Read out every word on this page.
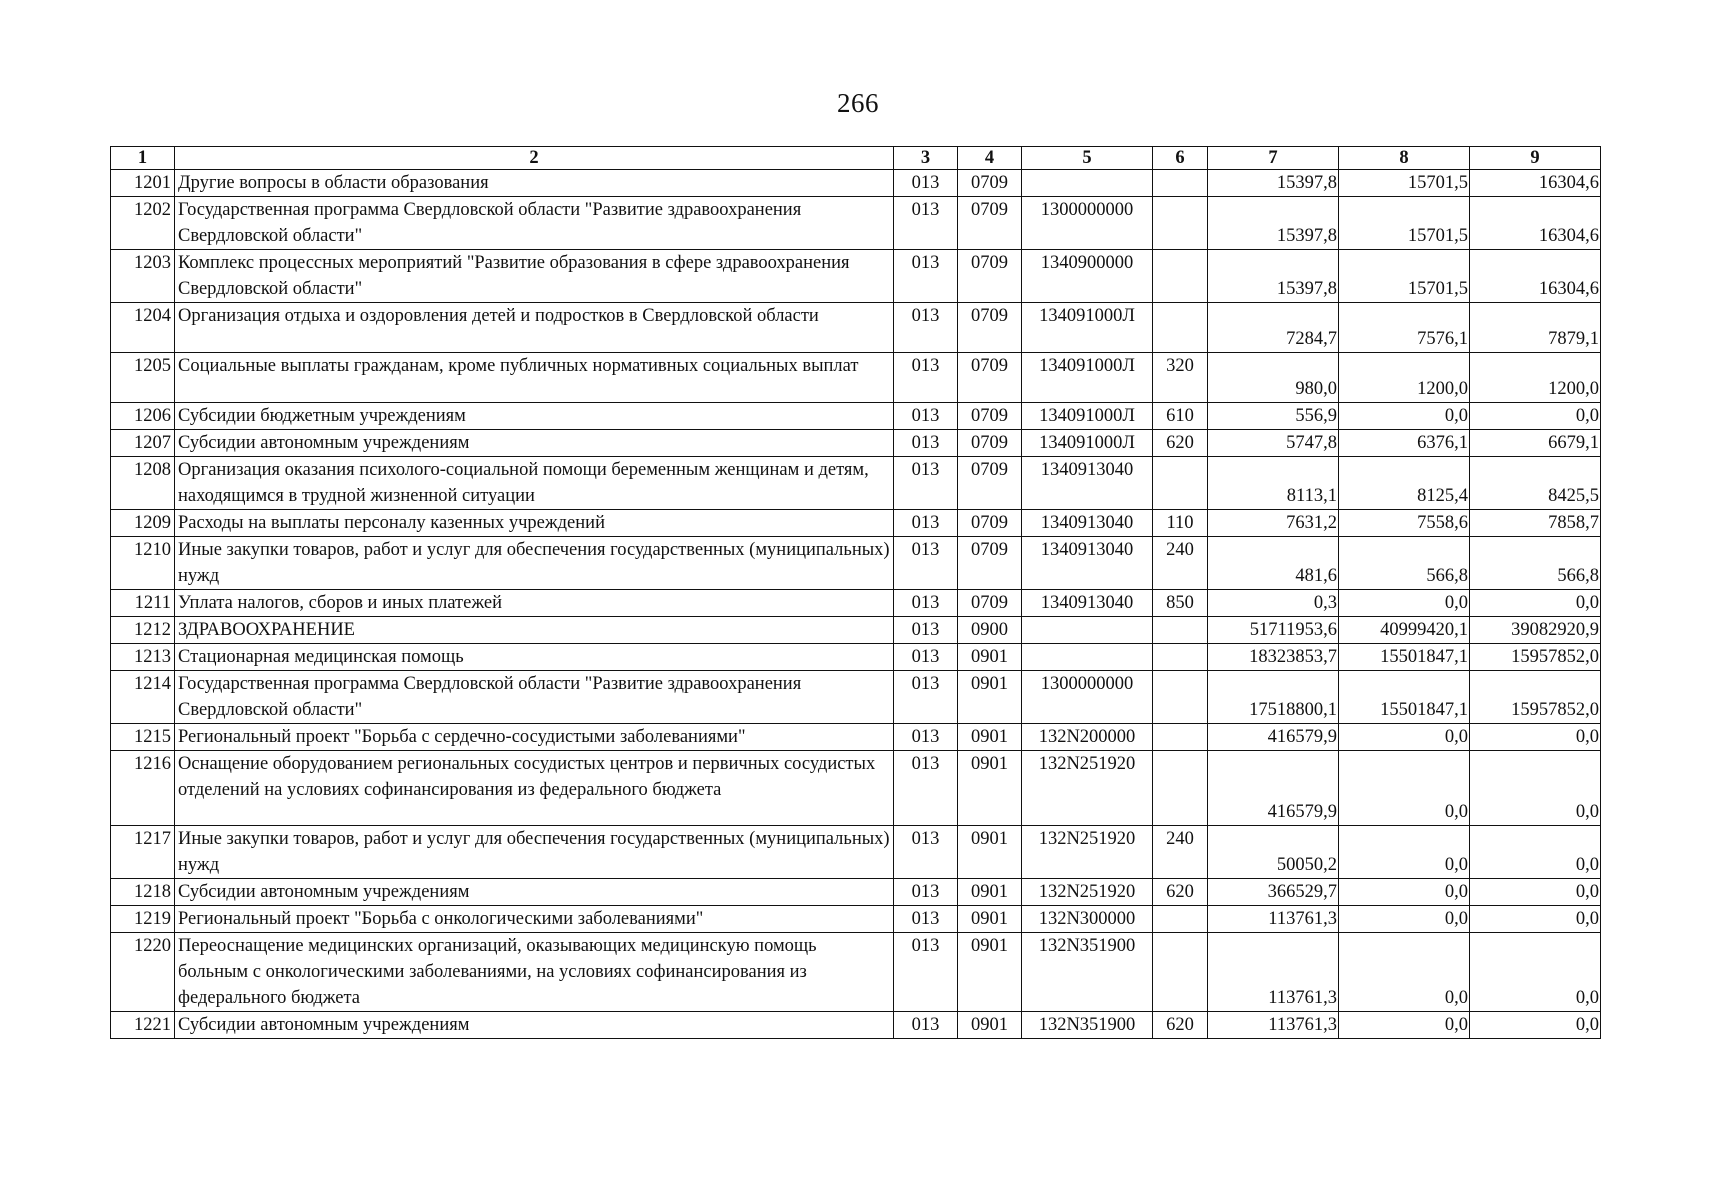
266
1	2	3	4	5	6	7	8	9
1201	Другие вопросы в области образования	013	0709			15397,8	15701,5	16304,6
1202	Государственная программа Свердловской области "Развитие здравоохранения Свердловской области"	013	0709	1300000000		15397,8	15701,5	16304,6
1203	Комплекс процессных мероприятий "Развитие образования в сфере здравоохранения Свердловской области"	013	0709	1340900000		15397,8	15701,5	16304,6
1204	Организация отдыха и оздоровления детей и подростков в Свердловской области	013	0709	134091000Л		7284,7	7576,1	7879,1
1205	Социальные выплаты гражданам, кроме публичных нормативных социальных выплат	013	0709	134091000Л	320	980,0	1200,0	1200,0
1206	Субсидии бюджетным учреждениям	013	0709	134091000Л	610	556,9	0,0	0,0
1207	Субсидии автономным учреждениям	013	0709	134091000Л	620	5747,8	6376,1	6679,1
1208	Организация оказания психолого-социальной помощи беременным женщинам и детям, находящимся в трудной жизненной ситуации	013	0709	1340913040		8113,1	8125,4	8425,5
1209	Расходы на выплаты персоналу казенных учреждений	013	0709	1340913040	110	7631,2	7558,6	7858,7
1210	Иные закупки товаров, работ и услуг для обеспечения государственных (муниципальных) нужд	013	0709	1340913040	240	481,6	566,8	566,8
1211	Уплата налогов, сборов и иных платежей	013	0709	1340913040	850	0,3	0,0	0,0
1212	ЗДРАВООХРАНЕНИЕ	013	0900			51711953,6	40999420,1	39082920,9
1213	Стационарная медицинская помощь	013	0901			18323853,7	15501847,1	15957852,0
1214	Государственная программа Свердловской области "Развитие здравоохранения Свердловской области"	013	0901	1300000000		17518800,1	15501847,1	15957852,0
1215	Региональный проект "Борьба с сердечно-сосудистыми заболеваниями"	013	0901	132N200000		416579,9	0,0	0,0
1216	Оснащение оборудованием региональных сосудистых центров и первичных сосудистых отделений на условиях софинансирования из федерального бюджета	013	0901	132N251920		416579,9	0,0	0,0
1217	Иные закупки товаров, работ и услуг для обеспечения государственных (муниципальных) нужд	013	0901	132N251920	240	50050,2	0,0	0,0
1218	Субсидии автономным учреждениям	013	0901	132N251920	620	366529,7	0,0	0,0
1219	Региональный проект "Борьба с онкологическими заболеваниями"	013	0901	132N300000		113761,3	0,0	0,0
1220	Переоснащение медицинских организаций, оказывающих медицинскую помощь больным с онкологическими заболеваниями, на условиях софинансирования из федерального бюджета	013	0901	132N351900		113761,3	0,0	0,0
1221	Субсидии автономным учреждениям	013	0901	132N351900	620	113761,3	0,0	0,0
